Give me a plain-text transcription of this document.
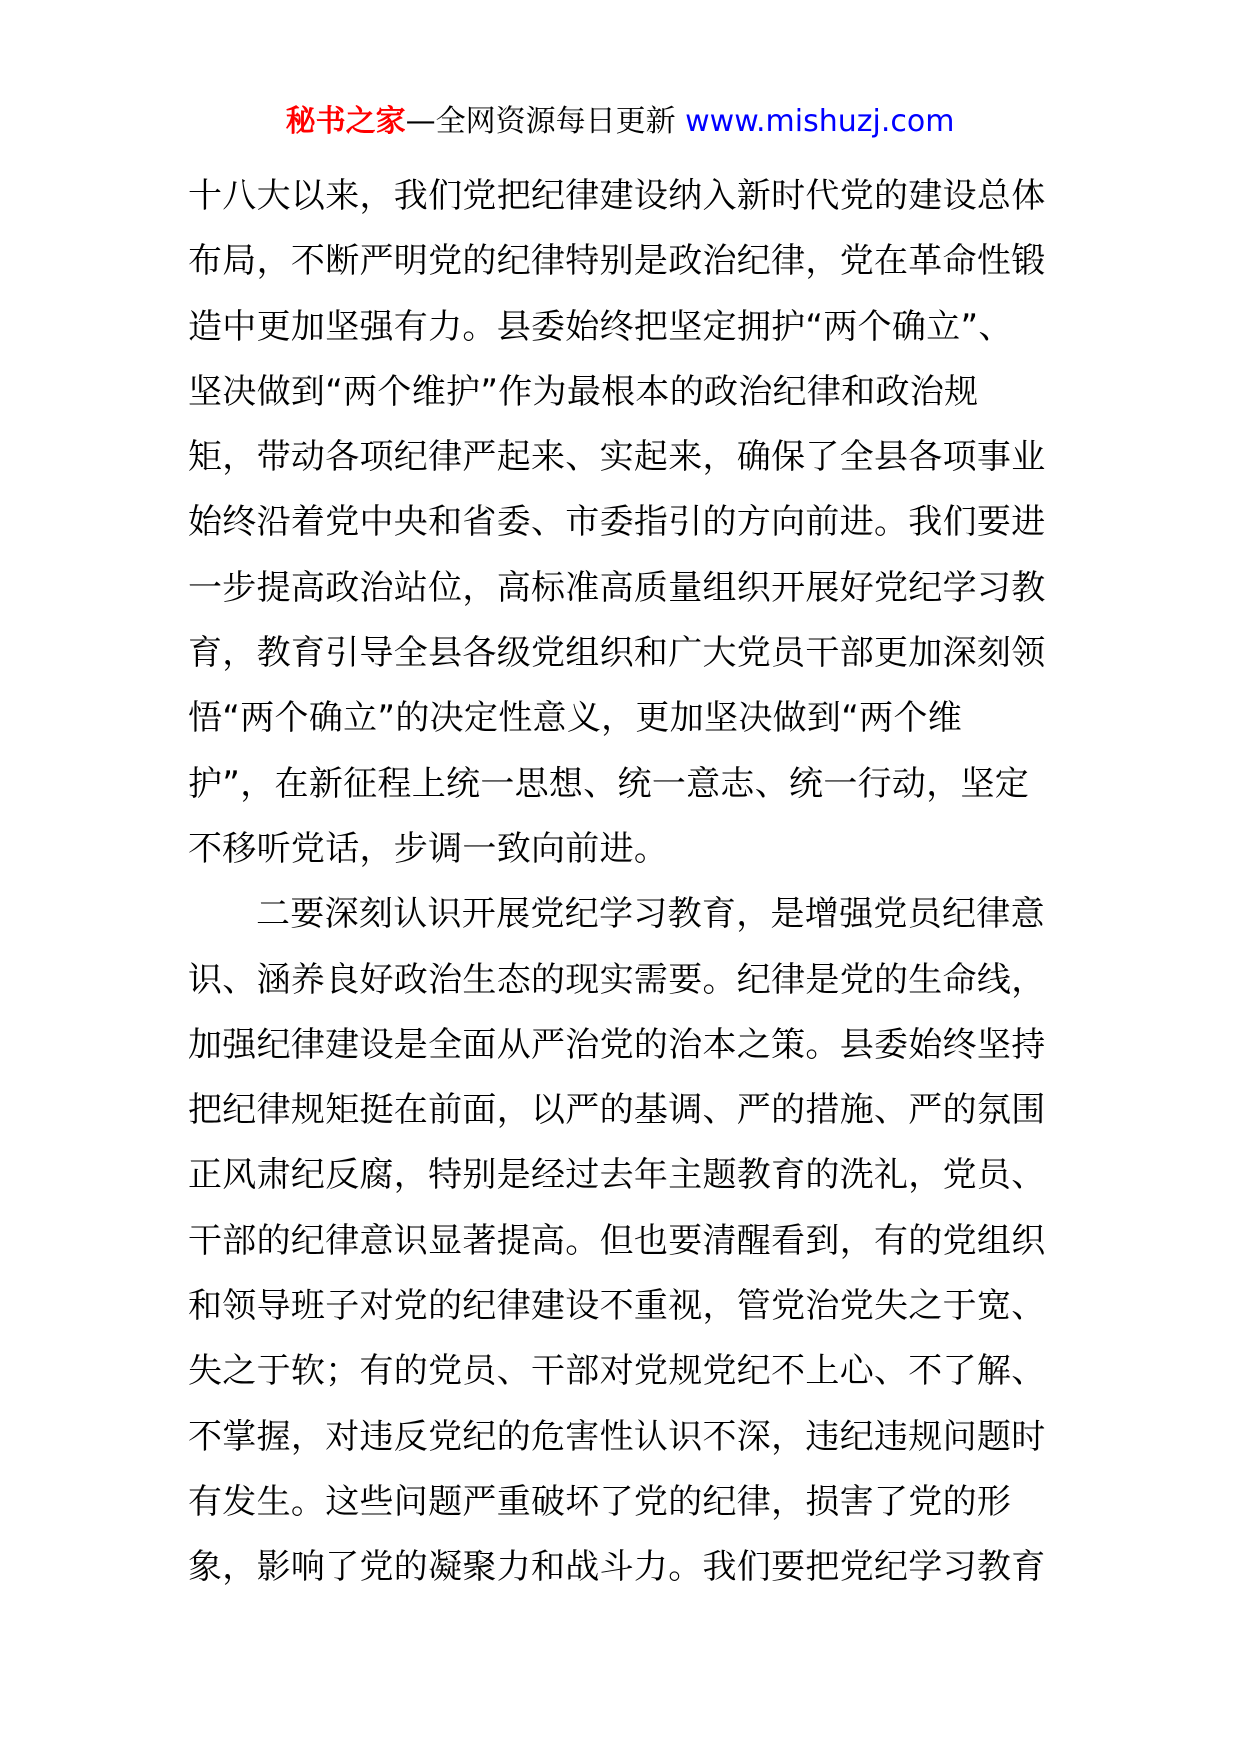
秘书之家—全网资源每日更新 www.mishuzj.com
十八大以来，我们党把纪律建设纳入新时代党的建设总体
布局，不断严明党的纪律特别是政治纪律，党在革命性锻
造中更加坚强有力。县委始终把坚定拥护“两个确立”、
坚决做到“两个维护”作为最根本的政治纪律和政治规
矩，带动各项纪律严起来、实起来，确保了全县各项事业
始终沿着党中央和省委、市委指引的方向前进。我们要进
一步提高政治站位，高标准高质量组织开展好党纪学习教
育，教育引导全县各级党组织和广大党员干部更加深刻领
悟“两个确立”的决定性意义，更加坚决做到“两个维
护”，在新征程上统一思想、统一意志、统一行动，坚定
不移听党话，步调一致向前进。
二要深刻认识开展党纪学习教育，是增强党员纪律意
识、涵养良好政治生态的现实需要。纪律是党的生命线，
加强纪律建设是全面从严治党的治本之策。县委始终坚持
把纪律规矩挺在前面，以严的基调、严的措施、严的氛围
正风肃纪反腐，特别是经过去年主题教育的洗礼，党员、
干部的纪律意识显著提高。但也要清醒看到，有的党组织
和领导班子对党的纪律建设不重视，管党治党失之于宽、
失之于软；有的党员、干部对党规党纪不上心、不了解、
不掌握，对违反党纪的危害性认识不深，违纪违规问题时
有发生。这些问题严重破坏了党的纪律，损害了党的形
象，影响了党的凝聚力和战斗力。我们要把党纪学习教育
